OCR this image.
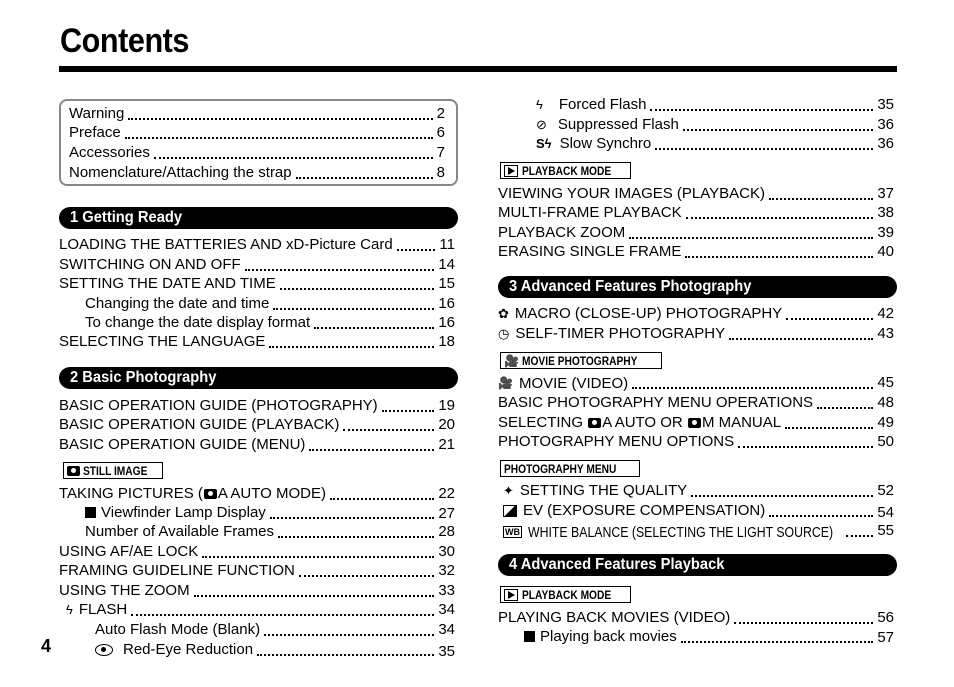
Contents
Warning	2
Preface	6
Accessories	7
Nomenclature/Attaching the strap	8
1 Getting Ready
LOADING THE BATTERIES AND xD-Picture Card	11
SWITCHING ON AND OFF	14
SETTING THE DATE AND TIME	15
Changing the date and time	16
To change the date display format	16
SELECTING THE LANGUAGE	18
2 Basic Photography
BASIC OPERATION GUIDE (PHOTOGRAPHY)	19
BASIC OPERATION GUIDE (PLAYBACK)	20
BASIC OPERATION GUIDE (MENU)	21
STILL IMAGE
TAKING PICTURES ( A AUTO MODE)	22
Viewfinder Lamp Display	27
Number of Available Frames	28
USING AF/AE LOCK	30
FRAMING GUIDELINE FUNCTION	32
USING THE ZOOM	33
ϟ FLASH	34
Auto Flash Mode (Blank)	34
Red-Eye Reduction	35
4
ϟ Forced Flash	35
⊘ Suppressed Flash	36
Sϟ Slow Synchro	36
PLAYBACK MODE
VIEWING YOUR IMAGES (PLAYBACK)	37
MULTI-FRAME PLAYBACK	38
PLAYBACK ZOOM	39
ERASING SINGLE FRAME	40
3 Advanced Features Photography
✿ MACRO (CLOSE-UP) PHOTOGRAPHY	42
◷ SELF-TIMER PHOTOGRAPHY	43
🎥 MOVIE PHOTOGRAPHY
🎥 MOVIE (VIDEO)	45
BASIC PHOTOGRAPHY MENU OPERATIONS	48
SELECTING A AUTO OR M MANUAL	49
PHOTOGRAPHY MENU OPTIONS	50
PHOTOGRAPHY MENU
✦ SETTING THE QUALITY	52
EV (EXPOSURE COMPENSATION)	54
WB WHITE BALANCE (SELECTING THE LIGHT SOURCE)	55
4 Advanced Features Playback
PLAYBACK MODE
PLAYING BACK MOVIES (VIDEO)	56
Playing back movies	57
